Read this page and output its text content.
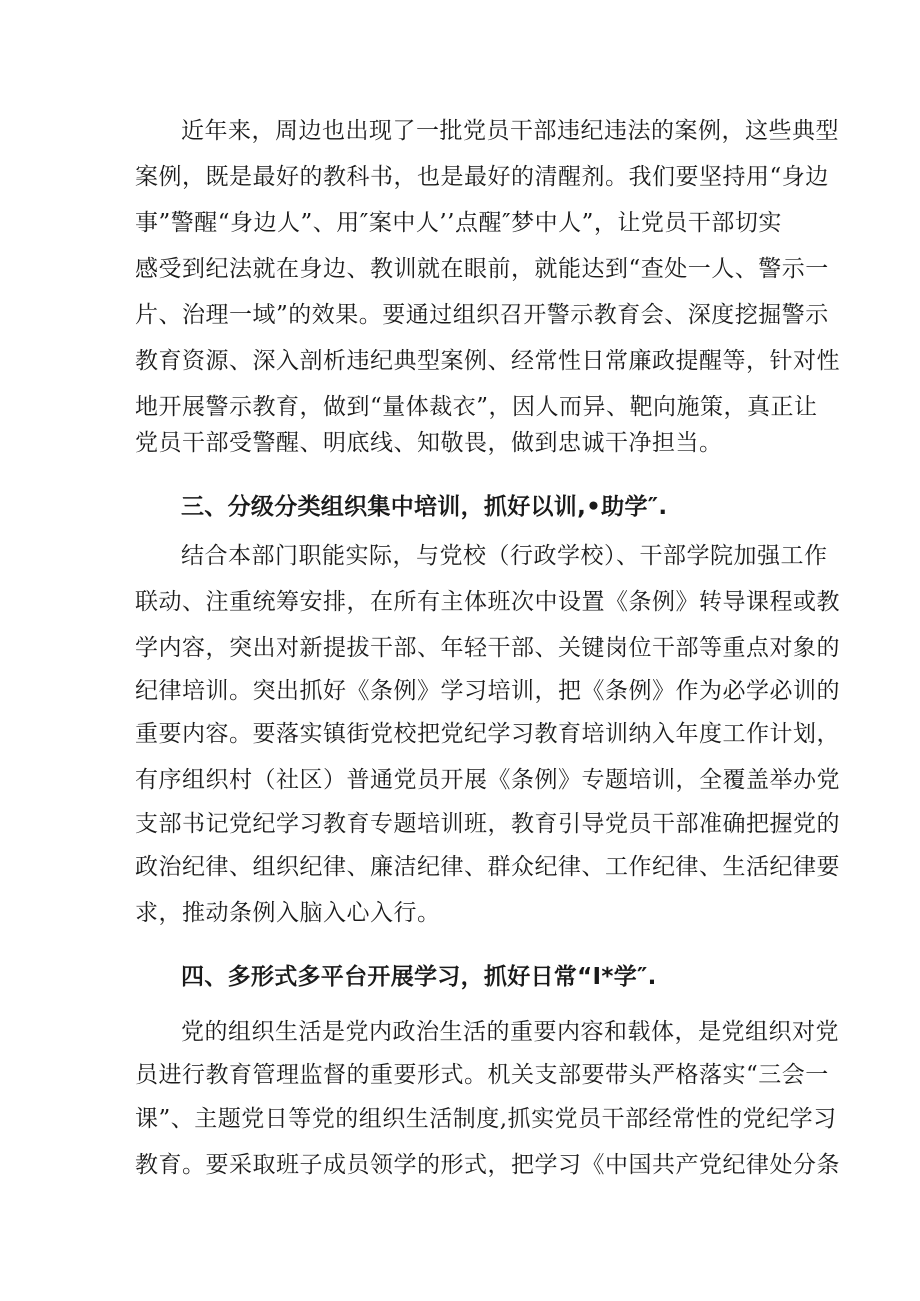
近年来，周边也出现了一批党员干部违纪违法的案例，这些典型
案例，既是最好的教科书，也是最好的清醒剂。我们要坚持用“身边
事”警醒“身边人”、用″案中人’’点醒″梦中人”，让党员干部切实
感受到纪法就在身边、教训就在眼前，就能达到“查处一人、警示一
片、治理一域”的效果。要通过组织召开警示教育会、深度挖掘警示
教育资源、深入剖析违纪典型案例、经常性日常廉政提醒等，针对性
地开展警示教育，做到“量体裁衣”，因人而异、靶向施策，真正让
党员干部受警醒、明底线、知敬畏，做到忠诚干净担当。
三、分级分类组织集中培训，抓好以训,•助学″.
结合本部门职能实际，与党校（行政学校）、干部学院加强工作
联动、注重统筹安排，在所有主体班次中设置《条例》转导课程或教
学内容，突出对新提拔干部、年轻干部、关键岗位干部等重点对象的
纪律培训。突出抓好《条例》学习培训，把《条例》作为必学必训的
重要内容。要落实镇街党校把党纪学习教育培训纳入年度工作计划，
有序组织村（社区）普通党员开展《条例》专题培训，全覆盖举办党
支部书记党纪学习教育专题培训班，教育引导党员干部准确把握党的
政治纪律、组织纪律、廉洁纪律、群众纪律、工作纪律、生活纪律要
求，推动条例入脑入心入行。
四、多形式多平台开展学习，抓好日常“I*学″.
党的组织生活是党内政治生活的重要内容和载体，是党组织对党
员进行教育管理监督的重要形式。机关支部要带头严格落实“三会一
课”、主题党日等党的组织生活制度,抓实党员干部经常性的党纪学习
教育。要采取班子成员领学的形式，把学习《中国共产党纪律处分条
